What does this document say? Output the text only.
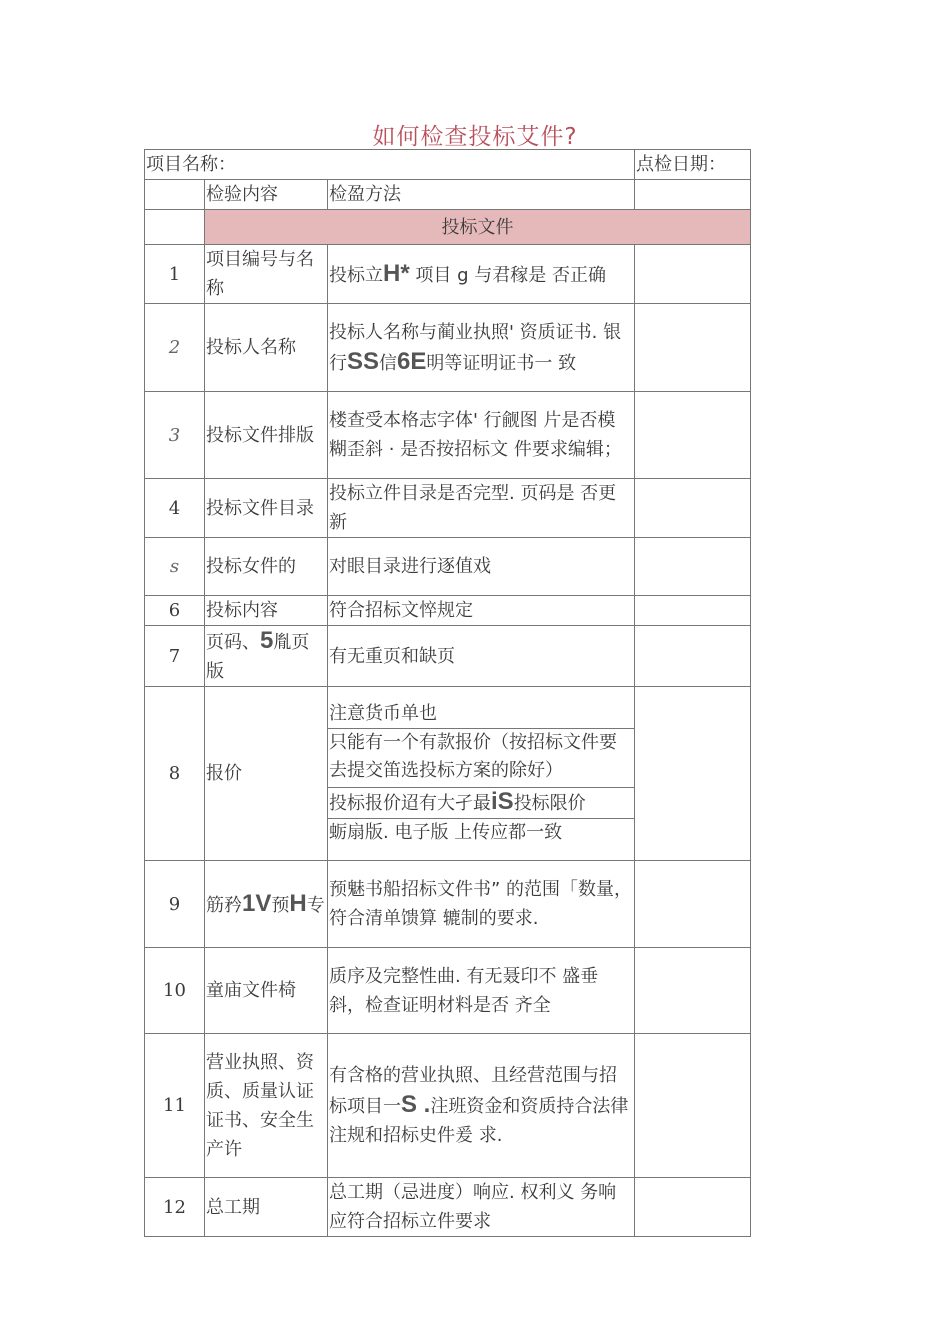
如何检查投标艾件?
项目名称：			点检日期：
	检验内容	检盈方法	
	投标文件		
1	项目编号与名称	投标立H* 项目 g 与君稼是 否正确	
2	投标人名称	投标人名称与蔺业执照' 资质证书. 银行SS信6E明等证明证书一 致	
3	投标文件排版	楼查受本格志字体' 行觎图 片是否模糊歪斜 · 是否按招标文 件要求编辑；	
4	投标文件目录	投标立件目录是否完型. 页码是 否更新	
s	投标女件的	对眼目录进行逐值戏	
6	投标内容	符合招标文悴规定	
7	页码、5胤页版	有无重页和缺页	
8	报价	注意货币单也
只能有一个有款报价（按招标文件要去提交笛选投标方案的除好）
投标报价迢有大孑最iS投标限价
蛎扇版. 电子版 上传应都一致	

9	筋矜1V预H专	预魅书船招标文件书” 的范围「数量，符合清单馈算 辘制的要求.	
10	童庙文件椅	质序及完整性曲. 有无聂印不 盛垂斜，检查证明材料是否 齐全	
11	营业执照、资质、质量认证证书、安全生产许	有含格的营业执照、且经营范围与招标项目一S .注班资金和资质持合法律注规和招标史件爰 求.	
12	总工期	总工期（忌进度）响应. 权利义 务响应符合招标立件要求	
